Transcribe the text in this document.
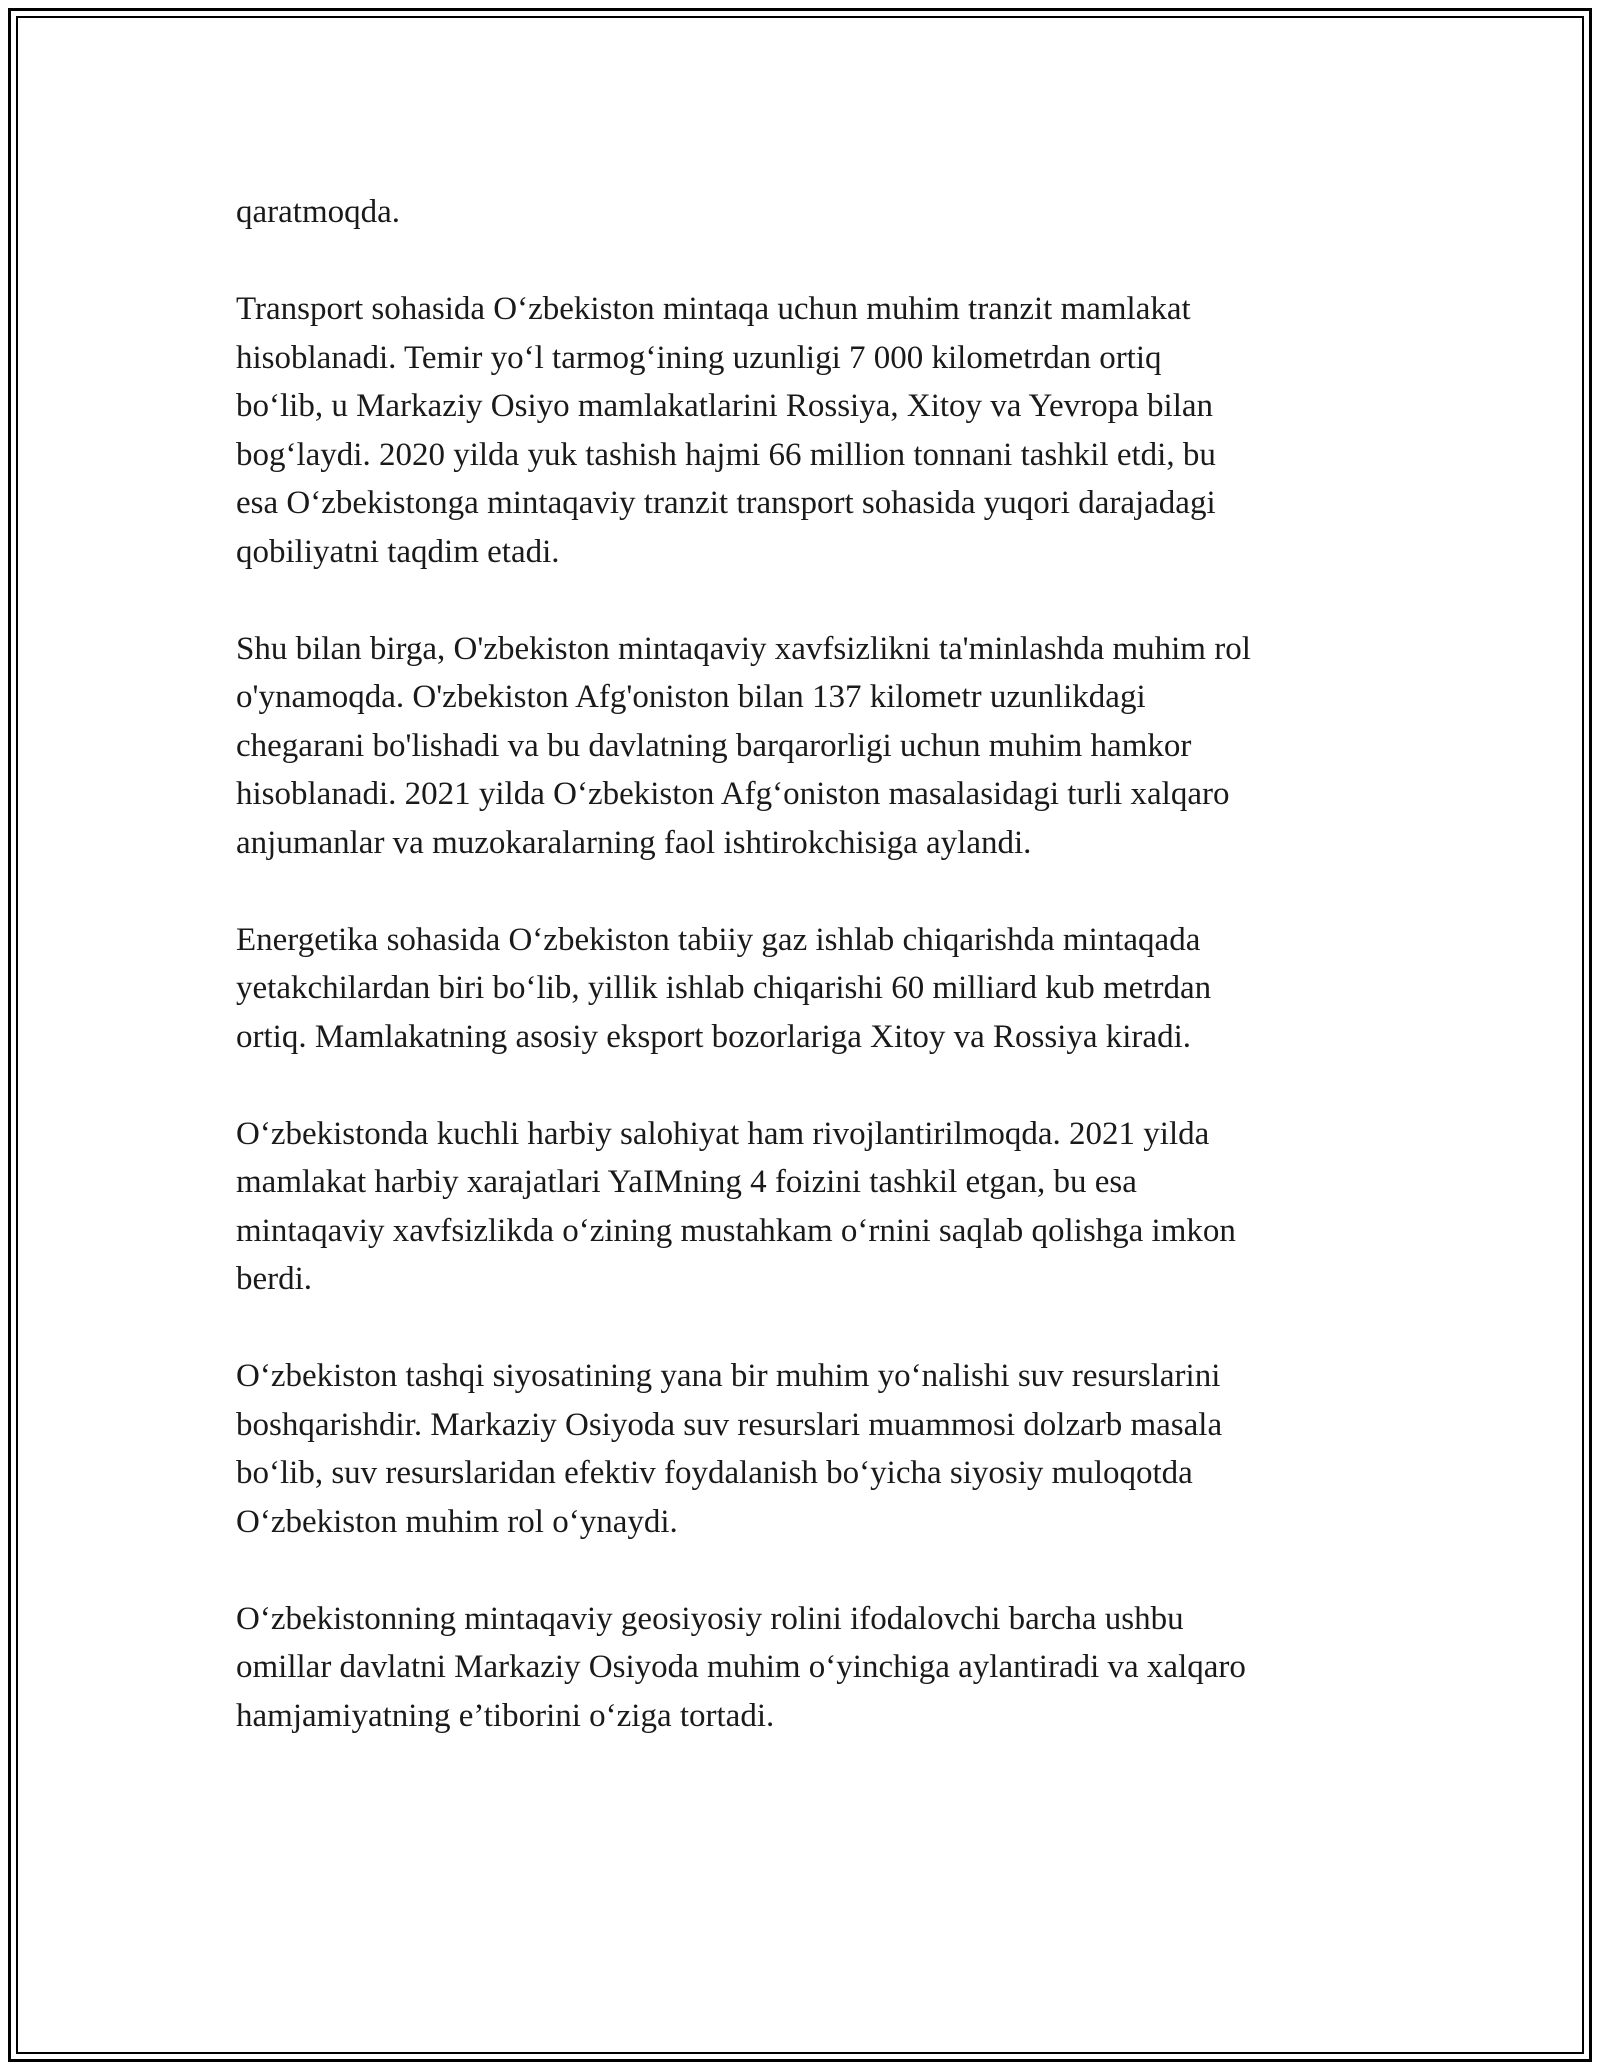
qaratmoqda.

Transport sohasida O‘zbekiston mintaqa uchun muhim tranzit mamlakat
hisoblanadi. Temir yo‘l tarmog‘ining uzunligi 7 000 kilometrdan ortiq
bo‘lib, u Markaziy Osiyo mamlakatlarini Rossiya, Xitoy va Yevropa bilan
bog‘laydi. 2020 yilda yuk tashish hajmi 66 million tonnani tashkil etdi, bu
esa O‘zbekistonga mintaqaviy tranzit transport sohasida yuqori darajadagi
qobiliyatni taqdim etadi.

Shu bilan birga, O'zbekiston mintaqaviy xavfsizlikni ta'minlashda muhim rol
o'ynamoqda. O'zbekiston Afg'oniston bilan 137 kilometr uzunlikdagi
chegarani bo'lishadi va bu davlatning barqarorligi uchun muhim hamkor
hisoblanadi. 2021 yilda O‘zbekiston Afg‘oniston masalasidagi turli xalqaro
anjumanlar va muzokaralarning faol ishtirokchisiga aylandi.

Energetika sohasida O‘zbekiston tabiiy gaz ishlab chiqarishda mintaqada
yetakchilardan biri bo‘lib, yillik ishlab chiqarishi 60 milliard kub metrdan
ortiq. Mamlakatning asosiy eksport bozorlariga Xitoy va Rossiya kiradi.

O‘zbekistonda kuchli harbiy salohiyat ham rivojlantirilmoqda. 2021 yilda
mamlakat harbiy xarajatlari YaIMning 4 foizini tashkil etgan, bu esa
mintaqaviy xavfsizlikda o‘zining mustahkam o‘rnini saqlab qolishga imkon
berdi.

O‘zbekiston tashqi siyosatining yana bir muhim yo‘nalishi suv resurslarini
boshqarishdir. Markaziy Osiyoda suv resurslari muammosi dolzarb masala
bo‘lib, suv resurslaridan efektiv foydalanish bo‘yicha siyosiy muloqotda
O‘zbekiston muhim rol o‘ynaydi.

O‘zbekistonning mintaqaviy geosiyosiy rolini ifodalovchi barcha ushbu
omillar davlatni Markaziy Osiyoda muhim o‘yinchiga aylantiradi va xalqaro
hamjamiyatning e’tiborini o‘ziga tortadi.
